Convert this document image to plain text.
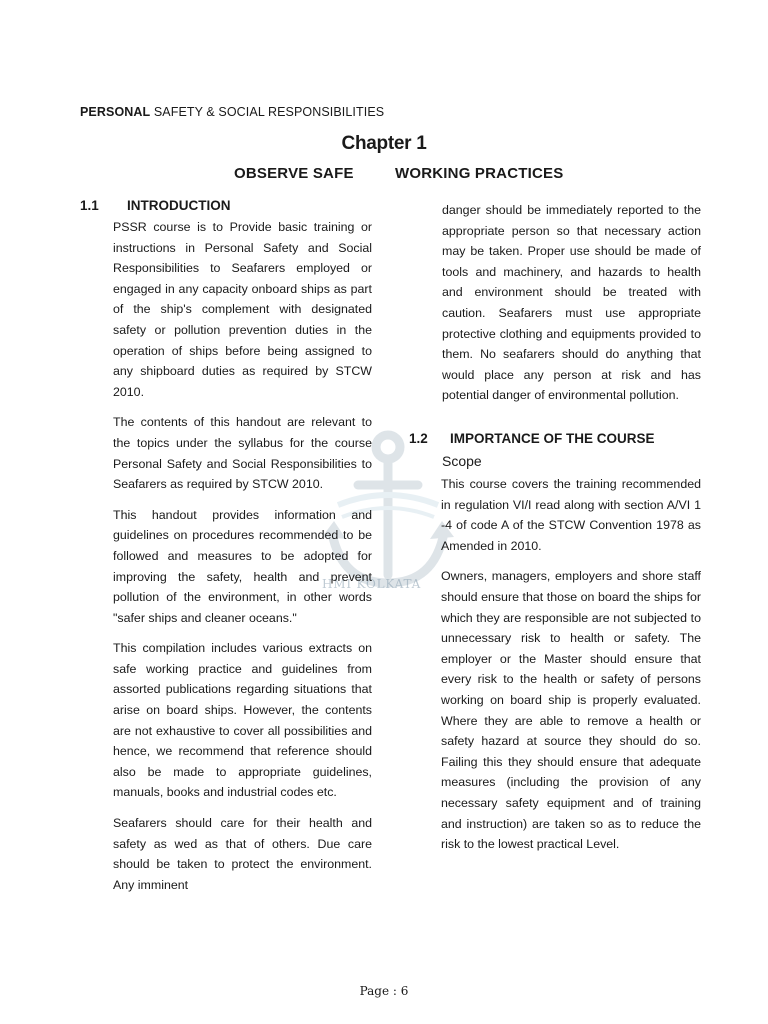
HMI KOLKATA
PERSONAL SAFETY & SOCIAL RESPONSIBILITIES
Chapter 1
OBSERVE SAFE	WORKING PRACTICES
1.1 INTRODUCTION

PSSR course is to Provide basic training or instructions in Personal Safety and Social Responsibilities to Seafarers employed or engaged in any capacity onboard ships as part of the ship's complement with designated safety or pollution prevention duties in the operation of ships before being assigned to any shipboard duties as required by STCW 2010.

The contents of this handout are relevant to the topics under the syllabus for the course Personal Safety and Social Responsibilities to Seafarers as required by STCW 2010.

This handout provides information and guidelines on procedures recommended to be followed and measures to be adopted for improving the safety, health and prevent pollution of the environment, in other words "safer ships and cleaner oceans."

This compilation includes various extracts on safe working practice and guidelines from assorted publications regarding situations that arise on board ships. However, the contents are not exhaustive to cover all possibilities and hence, we recommend that reference should also be made to appropriate guidelines, manuals, books and industrial codes etc.

Seafarers should care for their health and safety as wed as that of others. Due care should be taken to protect the environment. Any imminent

danger should be immediately reported to the appropriate person so that necessary action may be taken. Proper use should be made of tools and machinery, and hazards to health and environment should be treated with caution. Seafarers must use appropriate protective clothing and equipments provided to them. No seafarers should do anything that would place any person at risk and has potential danger of environmental pollution.

1.2 IMPORTANCE OF THE COURSE
Scope

This course covers the training recommended in regulation VI/I read along with section A/VI 1 -4 of code A of the STCW Convention 1978 as Amended in 2010.

Owners, managers, employers and shore staff should ensure that those on board the ships for which they are responsible are not subjected to unnecessary risk to health or safety. The employer or the Master should ensure that every risk to the health or safety of persons working on board ship is properly evaluated. Where they are able to remove a health or safety hazard at source they should do so. Failing this they should ensure that adequate measures (including the provision of any necessary safety equipment and of training and instruction) are taken so as to reduce the risk to the lowest practical Level.

Page : 6
